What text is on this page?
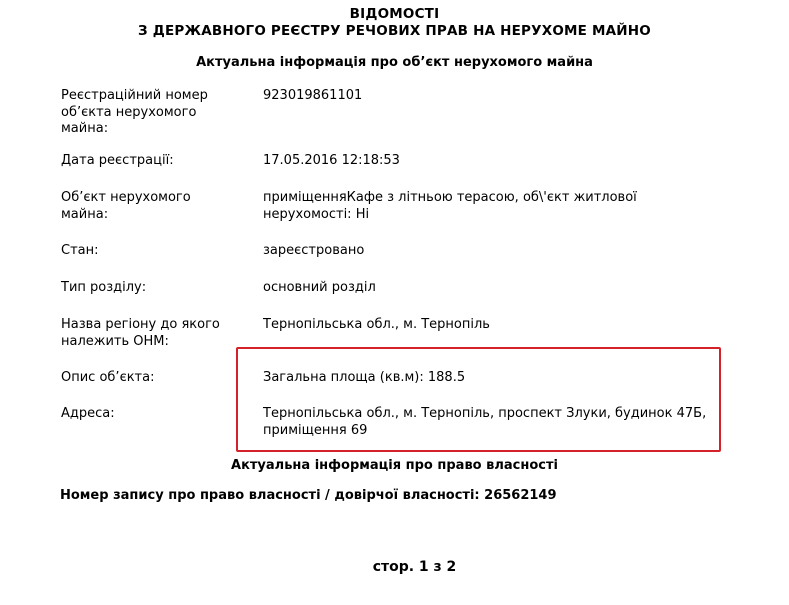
ВІДОМОСТІ
З ДЕРЖАВНОГО РЕЄСТРУ РЕЧОВИХ ПРАВ НА НЕРУХОМЕ МАЙНО
Актуальна інформація про об’єкт нерухомого майна
Реєстраційний номер об’єкта нерухомого майна:
923019861101
Дата реєстрації:	17.05.2016 12:18:53
Об’єкт нерухомого майна:
приміщенняКафе з літньою терасою, об\'єкт житлової нерухомості: Ні
Стан:	зареєстровано
Тип розділу:	основний розділ
Назва регіону до якого належить ОНМ:
Тернопільська обл., м. Тернопіль
Опис об’єкта:	Загальна площа (кв.м): 188.5
Адреса:	Тернопільська обл., м. Тернопіль, проспект Злуки, будинок 47Б, приміщення 69
Актуальна інформація про право власності
Номер запису про право власності / довірчої власності: 26562149
стор. 1 з 2
